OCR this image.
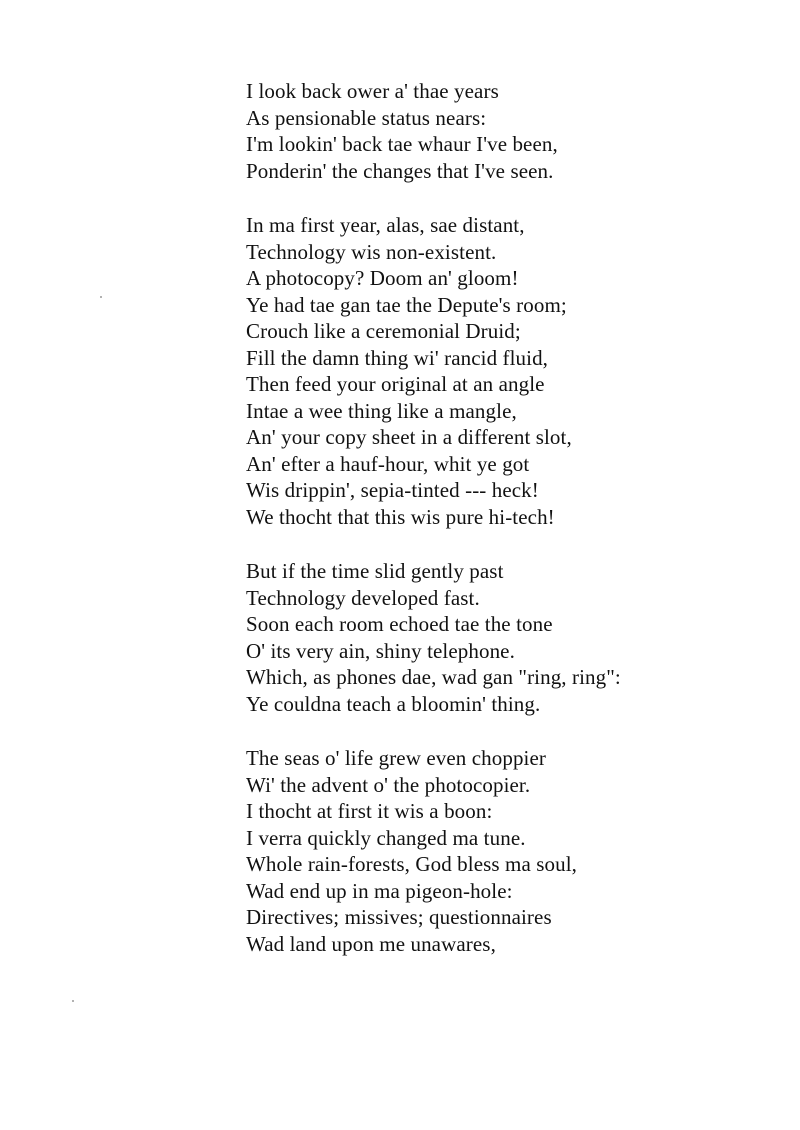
I look back ower a' thae years
As pensionable status nears:
I'm lookin' back tae whaur I've been,
Ponderin' the changes that I've seen.
In ma first year, alas, sae distant,
Technology wis non-existent.
A photocopy? Doom an' gloom!
Ye had tae gan tae the Depute's room;
Crouch like a ceremonial Druid;
Fill the damn thing wi' rancid fluid,
Then feed your original at an angle
Intae a wee thing like a mangle,
An' your copy sheet in a different slot,
An' efter a hauf-hour, whit ye got
Wis drippin', sepia-tinted --- heck!
We thocht that this wis pure hi-tech!
But if the time slid gently past
Technology developed fast.
Soon each room echoed tae the tone
O' its very ain, shiny telephone.
Which, as phones dae, wad gan "ring, ring":
Ye couldna teach a bloomin' thing.
The seas o' life grew even choppier
Wi' the advent o' the photocopier.
I thocht at first it wis a boon:
I verra quickly changed ma tune.
Whole rain-forests, God bless ma soul,
Wad end up in ma pigeon-hole:
Directives; missives; questionnaires
Wad land upon me unawares,
